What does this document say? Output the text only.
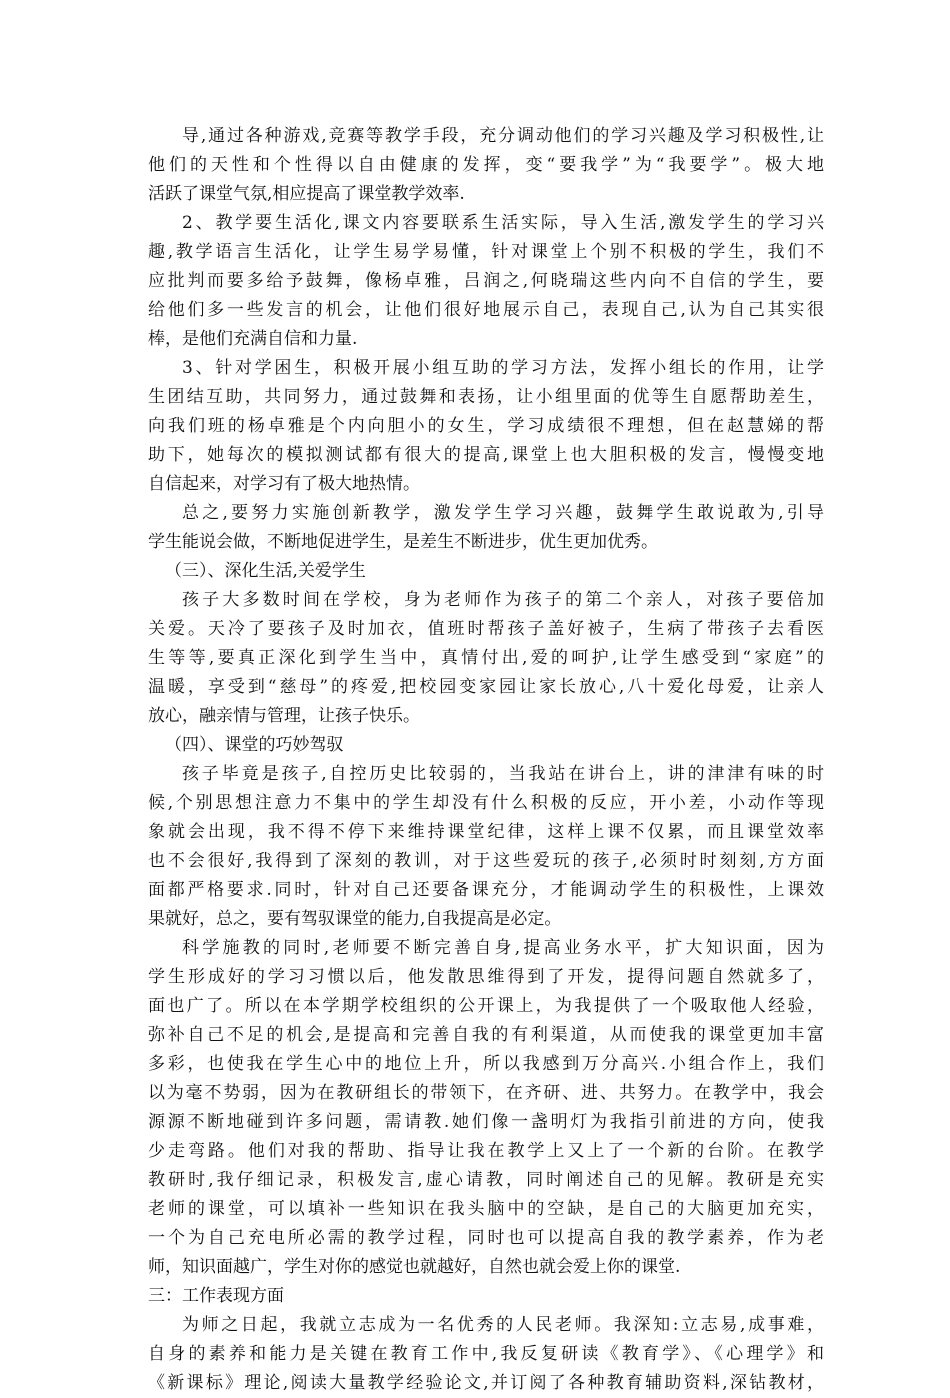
导,通过各种游戏,竞赛等教学手段，充分调动他们的学习兴趣及学习积极性,让
他们的天性和个性得以自由健康的发挥，变“要我学”为“我要学”。极大地
活跃了课堂气氛,相应提高了课堂教学效率.
2、教学要生活化,课文内容要联系生活实际，导入生活,激发学生的学习兴
趣,教学语言生活化，让学生易学易懂，针对课堂上个别不积极的学生，我们不
应批判而要多给予鼓舞，像杨卓雅，吕润之,何晓瑞这些内向不自信的学生，要
给他们多一些发言的机会，让他们很好地展示自己，表现自己,认为自己其实很
棒，是他们充满自信和力量.
3、针对学困生，积极开展小组互助的学习方法，发挥小组长的作用，让学
生团结互助，共同努力，通过鼓舞和表扬，让小组里面的优等生自愿帮助差生，
向我们班的杨卓雅是个内向胆小的女生，学习成绩很不理想，但在赵慧娣的帮
助下，她每次的模拟测试都有很大的提高,课堂上也大胆积极的发言，慢慢变地
自信起来，对学习有了极大地热情。
总之,要努力实施创新教学，激发学生学习兴趣，鼓舞学生敢说敢为,引导
学生能说会做，不断地促进学生，是差生不断进步，优生更加优秀。
（三）、深化生活,关爱学生
孩子大多数时间在学校，身为老师作为孩子的第二个亲人，对孩子要倍加
关爱。天冷了要孩子及时加衣，值班时帮孩子盖好被子，生病了带孩子去看医
生等等,要真正深化到学生当中，真情付出,爱的呵护,让学生感受到“家庭”的
温暖，享受到“慈母”的疼爱,把校园变家园让家长放心,八十爱化母爱，让亲人
放心，融亲情与管理，让孩子快乐。
（四）、课堂的巧妙驾驭
孩子毕竟是孩子,自控历史比较弱的，当我站在讲台上，讲的津津有味的时
候,个别思想注意力不集中的学生却没有什么积极的反应，开小差，小动作等现
象就会出现，我不得不停下来维持课堂纪律，这样上课不仅累，而且课堂效率
也不会很好,我得到了深刻的教训，对于这些爱玩的孩子,必须时时刻刻,方方面
面都严格要求.同时，针对自己还要备课充分，才能调动学生的积极性，上课效
果就好，总之，要有驾驭课堂的能力,自我提高是必定。
科学施教的同时,老师要不断完善自身,提高业务水平，扩大知识面，因为
学生形成好的学习习惯以后，他发散思维得到了开发，提得问题自然就多了，
面也广了。所以在本学期学校组织的公开课上，为我提供了一个吸取他人经验，
弥补自己不足的机会,是提高和完善自我的有利渠道，从而使我的课堂更加丰富
多彩，也使我在学生心中的地位上升，所以我感到万分高兴.小组合作上，我们
以为毫不势弱，因为在教研组长的带领下，在齐研、进、共努力。在教学中，我会
源源不断地碰到许多问题，需请教.她们像一盏明灯为我指引前进的方向，使我
少走弯路。他们对我的帮助、指导让我在教学上又上了一个新的台阶。在教学
教研时,我仔细记录，积极发言,虚心请教，同时阐述自己的见解。教研是充实
老师的课堂，可以填补一些知识在我头脑中的空缺，是自己的大脑更加充实，
一个为自己充电所必需的教学过程，同时也可以提高自我的教学素养，作为老
师，知识面越广，学生对你的感觉也就越好，自然也就会爱上你的课堂.
三：工作表现方面
为师之日起，我就立志成为一名优秀的人民老师。我深知:立志易,成事难，
自身的素养和能力是关键在教育工作中,我反复研读《教育学》、《心理学》和
《新课标》理论,阅读大量教学经验论文,并订阅了各种教育辅助资料,深钻教材，
